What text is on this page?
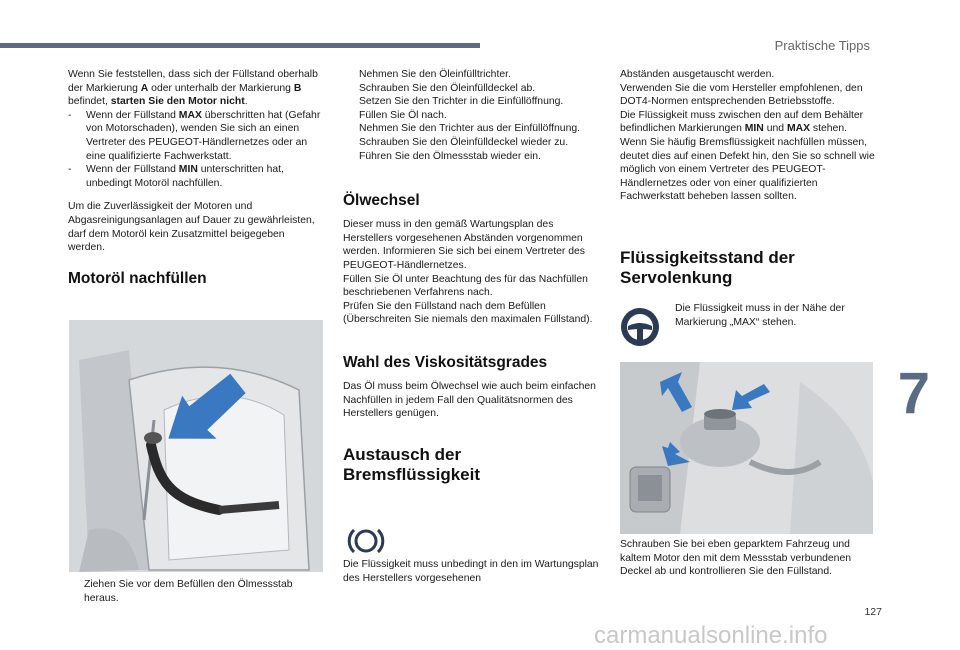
Praktische Tipps

Wenn Sie feststellen, dass sich der Füllstand oberhalb der Markierung A oder unterhalb der Markierung B befindet, starten Sie den Motor nicht.

- Wenn der Füllstand MAX überschritten hat (Gefahr von Motorschaden), wenden Sie sich an einen Vertreter des PEUGEOT-Händlernetzes oder an eine qualifizierte Fachwerkstatt.
- Wenn der Füllstand MIN unterschritten hat, unbedingt Motoröl nachfüllen.

Um die Zuverlässigkeit der Motoren und Abgasreinigungsanlagen auf Dauer zu gewährleisten, darf dem Motoröl kein Zusatzmittel beigegeben werden.

Motoröl nachfüllen
Ziehen Sie vor dem Befüllen den Ölmessstab heraus.
Nehmen Sie den Öleinfülltrichter.
Schrauben Sie den Öleinfülldeckel ab.
Setzen Sie den Trichter in die Einfüllöffnung.
Füllen Sie Öl nach.
Nehmen Sie den Trichter aus der Einfüllöffnung.
Schrauben Sie den Öleinfülldeckel wieder zu.
Führen Sie den Ölmessstab wieder ein.
Ölwechsel
Dieser muss in den gemäß Wartungsplan des Herstellers vorgesehenen Abständen vorgenommen werden. Informieren Sie sich bei einem Vertreter des PEUGEOT-Händlernetzes.
Füllen Sie Öl unter Beachtung des für das Nachfüllen beschriebenen Verfahrens nach.
Prüfen Sie den Füllstand nach dem Befüllen (Überschreiten Sie niemals den maximalen Füllstand).
Wahl des Viskositätsgrades

Das Öl muss beim Ölwechsel wie auch beim einfachen Nachfüllen in jedem Fall den Qualitätsnormen des Herstellers genügen.

Austausch der
Bremsflüssigkeit
Die Flüssigkeit muss unbedingt in den im Wartungsplan des Herstellers vorgesehenen
Abständen ausgetauscht werden.
Verwenden Sie die vom Hersteller empfohlenen, den DOT4-Normen entsprechenden Betriebsstoffe.
Die Flüssigkeit muss zwischen den auf dem Behälter befindlichen Markierungen MIN und MAX stehen.
Wenn Sie häufig Bremsflüssigkeit nachfüllen müssen, deutet dies auf einen Defekt hin, den Sie so schnell wie möglich von einem Vertreter des PEUGEOT-Händlernetzes oder von einer qualifizierten Fachwerkstatt beheben lassen sollten.
Flüssigkeitsstand der
Servolenkung
Die Flüssigkeit muss in der Nähe der Markierung „MAX“ stehen.
Schrauben Sie bei eben geparktem Fahrzeug und kaltem Motor den mit dem Messstab verbundenen Deckel ab und kontrollieren Sie den Füllstand.
7
127
carmanualsonline.info
